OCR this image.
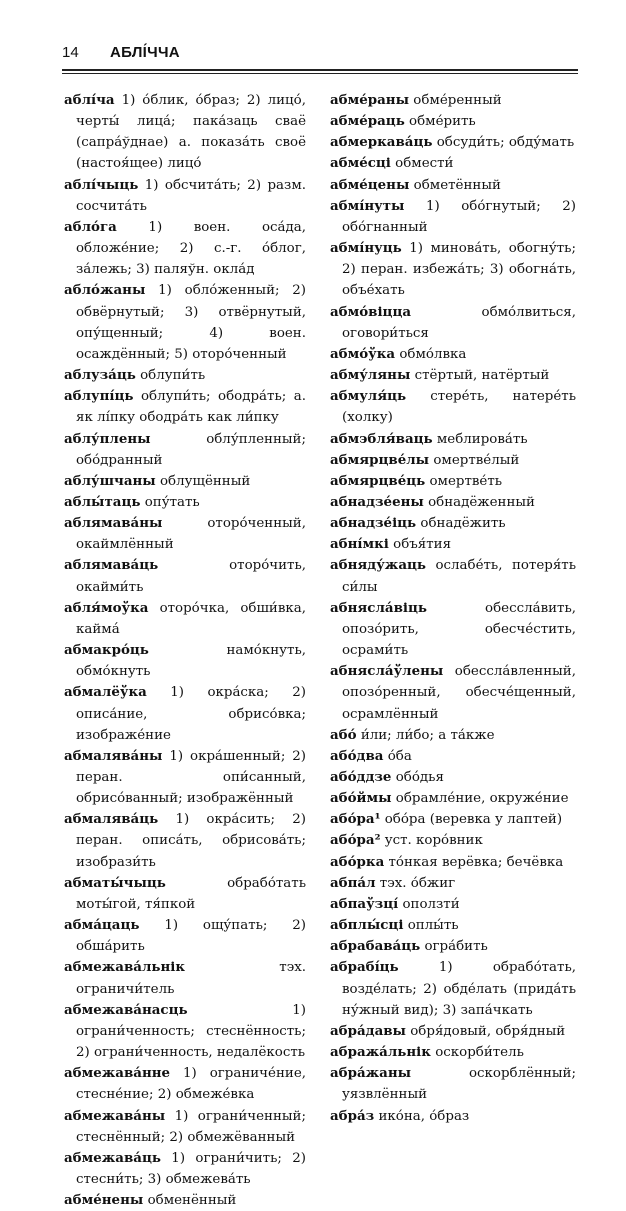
14 АБЛІ́ЧЧА
аблі́ча 1) о́блик, о́браз; 2) лицо́, черты́ лица́; пака́заць сваё (сапра́ўднае) а. показа́ть своё (настоя́щее) лицо́
аблі́чыць 1) обсчита́ть; 2) разм. сосчита́ть
абло́га 1) воен. оса́да, обложе́ние; 2) с.-г. о́блог, за́лежь; 3) паляўн. окла́д
абло́жаны 1) обло́женный; 2) обвёрнутый; 3) отвёрнутый, опу́щенный; 4) воен. осаждённый; 5) оторо́ченный
аблуза́ць облупи́ть
аблупі́ць облупи́ть; ободра́ть; а. як лі́пку ободра́ть как ли́пку
аблу́плены	облу́пленный; обо́дранный
аблу́шчаны облущённый
аблы́таць опу́тать
аблямава́ны	оторо́ченный, окаймлённый
аблямава́ць	оторо́чить, окайми́ть
абля́моўка оторо́чка, обши́вка, каймá
абмакро́ць	намо́кнуть, обмо́кнуть
абмалёўка 1) окра́ска; 2) описа́ние, обрисо́вка; изображе́ние
абмалява́ны 1) окра́шенный; 2) перан. опи́санный, обрисо́ванный; изображённый
абмалява́ць 1) окра́сить; 2) перан. описа́ть, обрисова́ть; изобрази́ть
абматы́чыць	обрабо́тать моты́гой, тя́пкой
абма́цаць 1) ощу́пать; 2) обша́рить
абмежава́льнік	тэх. ограничи́тель
абмежава́насць	1) ограни́ченность; стеснённость; 2) ограни́ченность, недалёкость
абмежава́нне 1) ограниче́ние, стесне́ние; 2) обмеже́вка
абмежава́ны 1) ограни́ченный; стеснённый; 2) обмежёванный
абмежава́ць 1) ограни́чить; 2) стесни́ть; 3) обмежева́ть
абме́нены обменённый
абме́раны обме́ренный
абме́раць обме́рить
абмеркава́ць обсуди́ть; обду́мать
абме́сці обмести́
абме́цены обметённый
абмі́нуты 1) обо́гнутый; 2) обо́гнанный
абмі́нуць 1) минова́ть, обогну́ть; 2) перан. избежа́ть; 3) обогна́ть, объе́хать
абмо́віцца	обмо́лвиться, оговори́ться
абмо́ўка обмо́лвка
абму́ляны стёртый, натёртый
абмуля́ць стере́ть, натере́ть (холку)
абмэбля́ваць меблирова́ть
абмярцве́лы омертве́лый
абмярцве́ць омертве́ть
абнадзе́ены обнадёженный
абнадзе́іць обнадёжить
абні́мкі объя́тия
абняду́жаць ослабе́ть, потеря́ть си́лы
абнясла́віць	обессла́вить, опозо́рить, обесче́стить, осрами́ть
абнясла́ўлены обессла́вленный, опозо́ренный, обесче́щенный, осрамлённый
або́ и́ли; ли́бо; а та́кже
або́два о́ба
або́ддзе обо́дья
або́ймы обрамле́ние, окруже́ние
або́ра¹ обо́ра (веревка у лаптей)
або́ра² уст. коро́вник
або́рка то́нкая верёвка; бечёвка
абпа́л тэх. о́бжиг
абпаўзці́ оползти́
абплы́сці оплы́ть
абрабава́ць огра́бить
абрабі́ць	1) обрабо́тать, возде́лать; 2) обде́лать (прида́ть ну́жный вид); 3) запа́чкать
абра́давы обря́довый, обря́дный
абража́льнік оскорби́тель
абра́жаны	оскорблённый; уязвлённый
абра́з ико́на, о́браз
